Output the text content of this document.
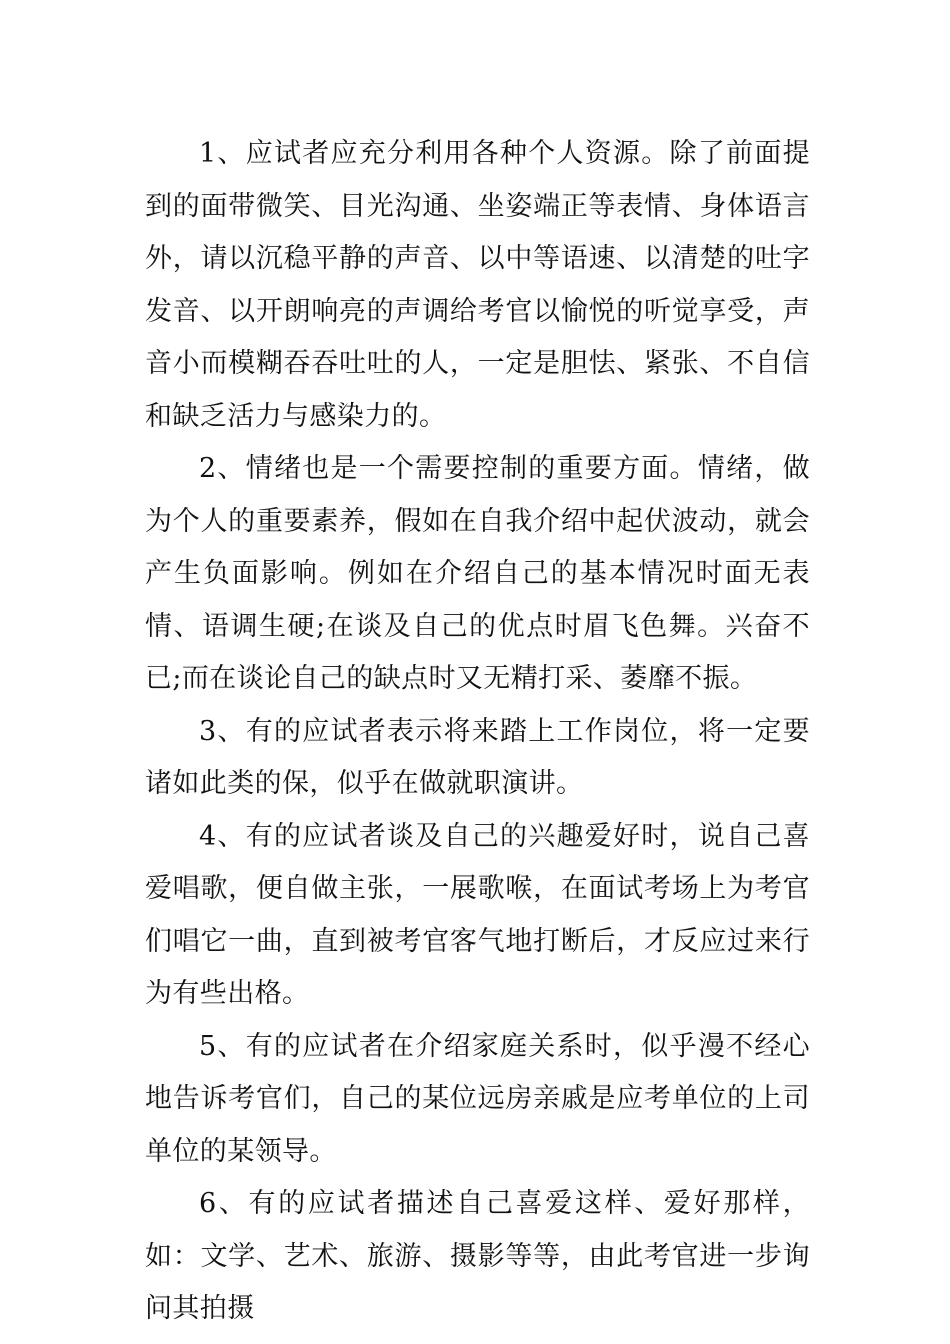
1、应试者应充分利用各种个人资源。除了前面提到的面带微笑、目光沟通、坐姿端正等表情、身体语言外，请以沉稳平静的声音、以中等语速、以清楚的吐字发音、以开朗响亮的声调给考官以愉悦的听觉享受，声音小而模糊吞吞吐吐的人，一定是胆怯、紧张、不自信和缺乏活力与感染力的。

2、情绪也是一个需要控制的重要方面。情绪，做为个人的重要素养，假如在自我介绍中起伏波动，就会产生负面影响。例如在介绍自己的基本情况时面无表情、语调生硬;在谈及自己的优点时眉飞色舞。兴奋不已;而在谈论自己的缺点时又无精打采、萎靡不振。

3、有的应试者表示将来踏上工作岗位，将一定要诸如此类的保，似乎在做就职演讲。

4、有的应试者谈及自己的兴趣爱好时，说自己喜爱唱歌，便自做主张，一展歌喉，在面试考场上为考官们唱它一曲，直到被考官客气地打断后，才反应过来行为有些出格。

5、有的应试者在介绍家庭关系时，似乎漫不经心地告诉考官们，自己的某位远房亲戚是应考单位的上司单位的某领导。

6、有的应试者描述自己喜爱这样、爱好那样，如：文学、艺术、旅游、摄影等等，由此考官进一步询问其拍摄
